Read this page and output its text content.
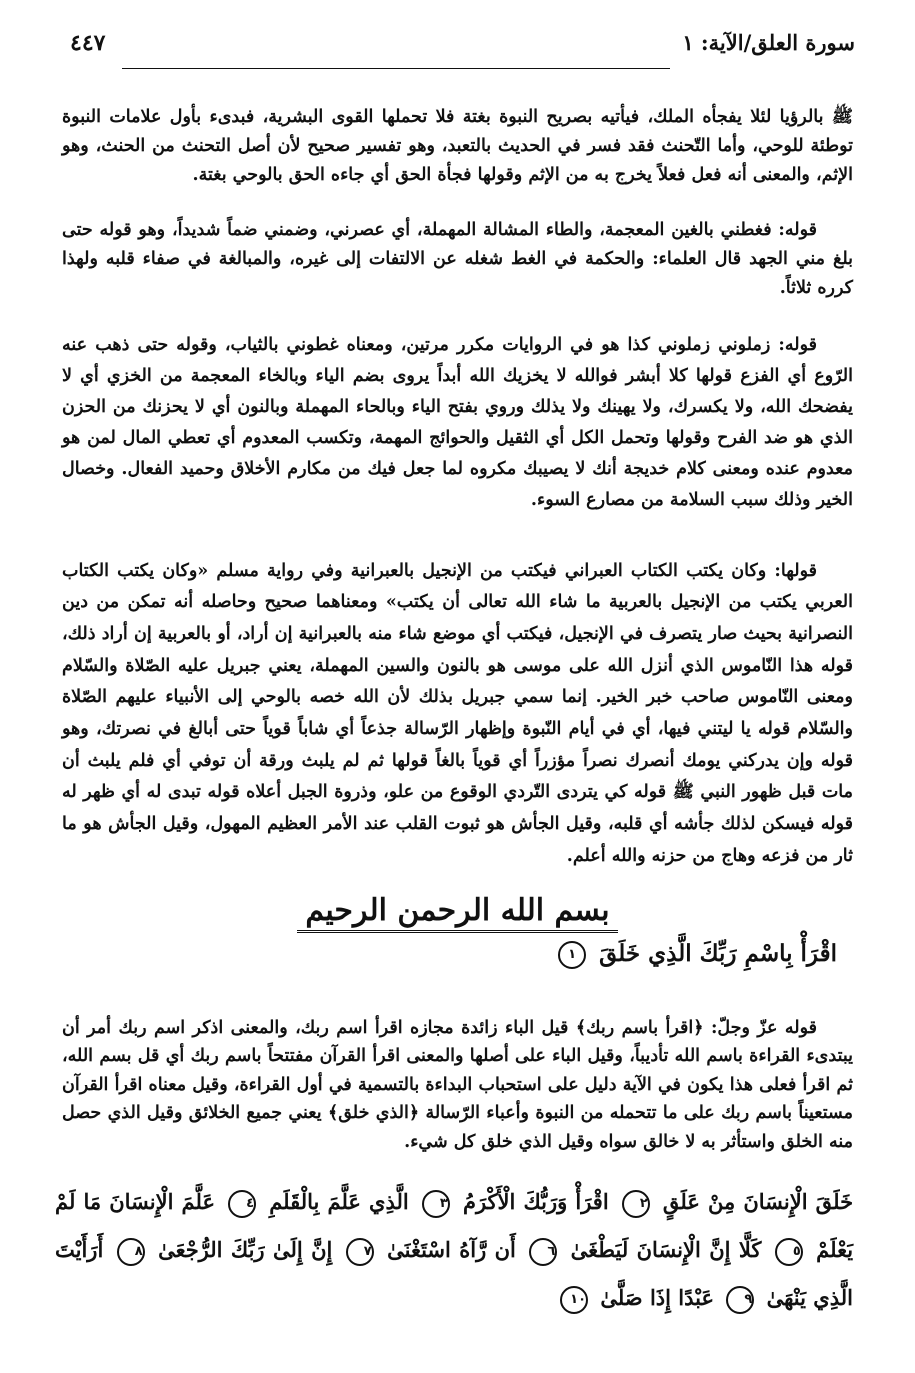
سورة العلق/الآية: ١
٤٤٧

ﷺ بالرؤيا لئلا يفجأه الملك، فيأتيه بصريح النبوة بغتة فلا تحملها القوى البشرية، فبدىء بأول علامات النبوة توطئة للوحي، وأما التّحنث فقد فسر في الحديث بالتعبد، وهو تفسير صحيح لأن أصل التحنث من الحنث، وهو الإثم، والمعنى أنه فعل فعلاً يخرج به من الإثم وقولها فجأة الحق أي جاءه الحق بالوحي بغتة.

قوله: فغطني بالغين المعجمة، والطاء المشالة المهملة، أي عصرني، وضمني ضماً شديداً، وهو قوله حتى بلغ مني الجهد قال العلماء: والحكمة في الغط شغله عن الالتفات إلى غيره، والمبالغة في صفاء قلبه ولهذا كرره ثلاثاً.

قوله: زملوني زملوني كذا هو في الروايات مكرر مرتين، ومعناه غطوني بالثياب، وقوله حتى ذهب عنه الرّوع أي الفزع قولها كلا أبشر فوالله لا يخزيك الله أبداً يروى بضم الياء وبالخاء المعجمة من الخزي أي لا يفضحك الله، ولا يكسرك، ولا يهينك ولا يذلك وروي بفتح الياء وبالحاء المهملة وبالنون أي لا يحزنك من الحزن الذي هو ضد الفرح وقولها وتحمل الكل أي الثقيل والحوائج المهمة، وتكسب المعدوم أي تعطي المال لمن هو معدوم عنده ومعنى كلام خديجة أنك لا يصيبك مكروه لما جعل فيك من مكارم الأخلاق وحميد الفعال. وخصال الخير وذلك سبب السلامة من مصارع السوء.

قولها: وكان يكتب الكتاب العبراني فيكتب من الإنجيل بالعبرانية وفي رواية مسلم «وكان يكتب الكتاب العربي يكتب من الإنجيل بالعربية ما شاء الله تعالى أن يكتب» ومعناهما صحيح وحاصله أنه تمكن من دين النصرانية بحيث صار يتصرف في الإنجيل، فيكتب أي موضع شاء منه بالعبرانية إن أراد، أو بالعربية إن أراد ذلك، قوله هذا النّاموس الذي أنزل الله على موسى هو بالنون والسين المهملة، يعني جبريل عليه الصّلاة والسّلام ومعنى النّاموس صاحب خبر الخير. إنما سمي جبريل بذلك لأن الله خصه بالوحي إلى الأنبياء عليهم الصّلاة والسّلام قوله يا ليتني فيها، أي في أيام النّبوة وإظهار الرّسالة جذعاً أي شاباً قوياً حتى أبالغ في نصرتك، وهو قوله وإن يدركني يومك أنصرك نصراً مؤزراً أي قوياً بالغاً قولها ثم لم يلبث ورقة أن توفي أي فلم يلبث أن مات قبل ظهور النبي ﷺ قوله كي يتردى التّردي الوقوع من علو، وذروة الجبل أعلاه قوله تبدى له أي ظهر له قوله فيسكن لذلك جأشه أي قلبه، وقيل الجأش هو ثبوت القلب عند الأمر العظيم المهول، وقيل الجأش هو ما ثار من فزعه وهاج من حزنه والله أعلم.

بسم الله الرحمن الرحيم
اقْرَأْ بِاسْمِ رَبِّكَ الَّذِي خَلَقَ ١

قوله عزّ وجلّ: ﴿اقرأ باسم ربك﴾ قيل الباء زائدة مجازه اقرأ اسم ربك، والمعنى اذكر اسم ربك أمر أن يبتدىء القراءة باسم الله تأديباً، وقيل الباء على أصلها والمعنى اقرأ القرآن مفتتحاً باسم ربك أي قل بسم الله، ثم اقرأ فعلى هذا يكون في الآية دليل على استحباب البداءة بالتسمية في أول القراءة، وقيل معناه اقرأ القرآن مستعيناً باسم ربك على ما تتحمله من النبوة وأعباء الرّسالة ﴿الذي خلق﴾ يعني جميع الخلائق وقيل الذي حصل منه الخلق واستأثر به لا خالق سواه وقيل الذي خلق كل شيء.

خَلَقَ الْإِنسَانَ مِنْ عَلَقٍ ٢ اقْرَأْ وَرَبُّكَ الْأَكْرَمُ ٣ الَّذِي عَلَّمَ بِالْقَلَمِ ٤ عَلَّمَ الْإِنسَانَ مَا لَمْ يَعْلَمْ ٥ كَلَّا إِنَّ الْإِنسَانَ لَيَطْغَىٰ ٦ أَن رَّآهُ اسْتَغْنَىٰ ٧ إِنَّ إِلَىٰ رَبِّكَ الرُّجْعَىٰ ٨ أَرَأَيْتَ الَّذِي يَنْهَىٰ ٩ عَبْدًا إِذَا صَلَّىٰ ١٠
